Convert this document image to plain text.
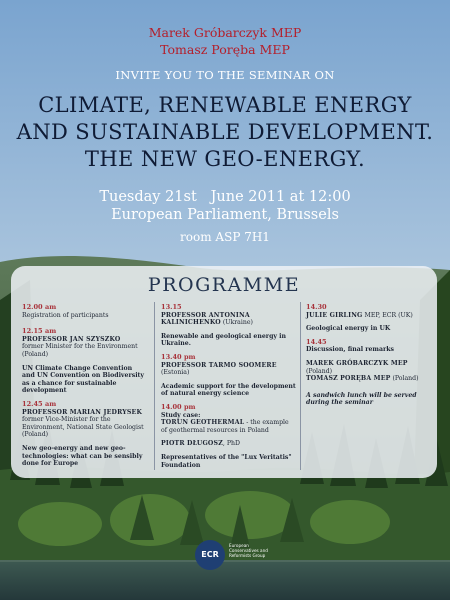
Marek Gróbarczyk MEP
Tomasz Poręba MEP
INVITE YOU TO THE SEMINAR ON
CLIMATE, RENEWABLE ENERGY
AND SUSTAINABLE DEVELOPMENT.
THE NEW GEO-ENERGY.
Tuesday 21st   June 2011 at 12:00
European Parliament, Brussels
room ASP 7H1
PROGRAMME
12.00 am
Registration of participants
12.15 am
PROFESSOR JAN SZYSZKO
former Minister for the Environment (Poland)
UN Climate Change Convention and UN Convention on Biodiversity as a chance for sustainable development
12.45 am
PROFESSOR MARIAN JEDRYSEK
former Vice-Minister for the Environment, National State Geologist (Poland)
New geo-energy and new geo-technologies: what can be sensibly done for Europe
13.15
PROFESSOR ANTONINA KALINICHENKO (Ukraine)
Renewable and geological energy in Ukraine.
13.40 pm
PROFESSOR TARMO SOOMERE (Estonia)
Academic support for the development of natural energy science
14.00 pm
Study case:
TORUN GEOTHERMAL - the example of geothermal resources in Poland
PIOTR DŁUGOSZ, PhD
Representatives of the "Lux Veritatis" Foundation
14.30
JULIE GIRLING MEP, ECR (UK)
Geological energy in UK
14.45
Discussion, final remarks
MAREK GRÓBARCZYK MEP (Poland)
TOMASZ PORĘBA MEP (Poland)
A sandwich lunch will be served during the seminar
ECR
European Conservatives and Reformists Group
